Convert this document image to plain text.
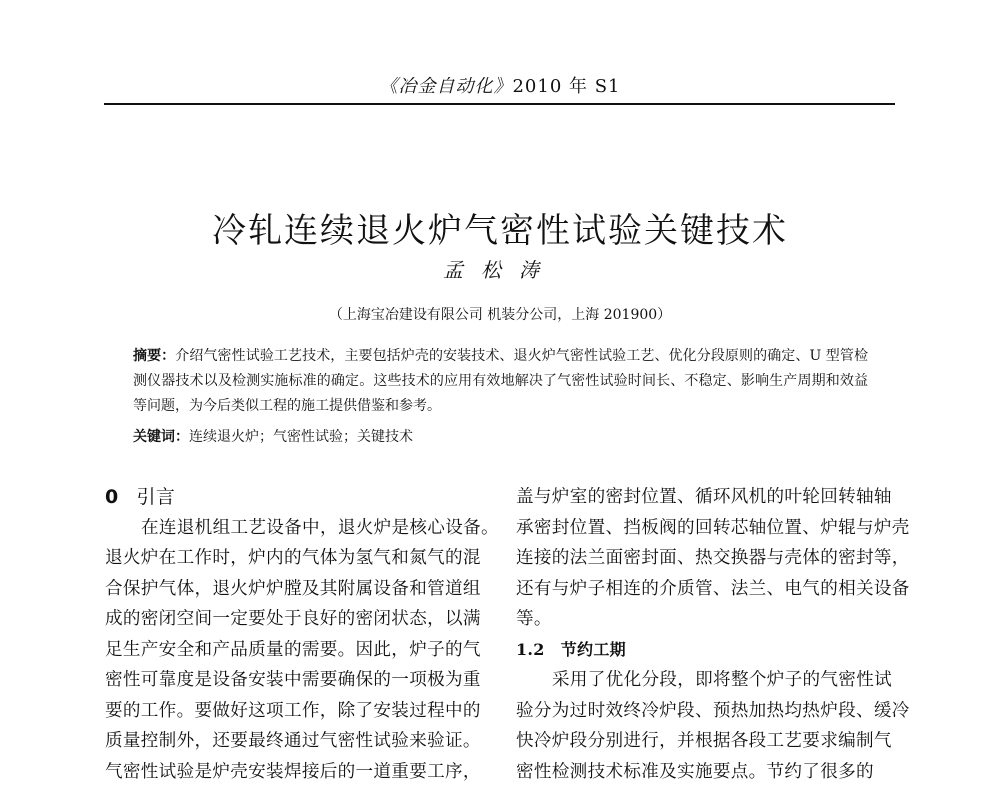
《冶金自动化》2010 年 S1
冷轧连续退火炉气密性试验关键技术
孟松涛
（上海宝冶建设有限公司 机装分公司，上海 201900）
摘要：介绍气密性试验工艺技术，主要包括炉壳的安装技术、退火炉气密性试验工艺、优化分段原则的确定、U 型管检测仪器技术以及检测实施标准的确定。这些技术的应用有效地解决了气密性试验时间长、不稳定、影响生产周期和效益等问题，为今后类似工程的施工提供借鉴和参考。
关键词：连续退火炉；气密性试验；关键技术
0 引言
在连退机组工艺设备中，退火炉是核心设备。
退火炉在工作时，炉内的气体为氢气和氮气的混
合保护气体，退火炉炉膛及其附属设备和管道组
成的密闭空间一定要处于良好的密闭状态，以满
足生产安全和产品质量的需要。因此，炉子的气
密性可靠度是设备安装中需要确保的一项极为重
要的工作。要做好这项工作，除了安装过程中的
质量控制外，还要最终通过气密性试验来验证。
气密性试验是炉壳安装焊接后的一道重要工序，
盖与炉室的密封位置、循环风机的叶轮回转轴轴
承密封位置、挡板阀的回转芯轴位置、炉辊与炉壳
连接的法兰面密封面、热交换器与壳体的密封等，
还有与炉子相连的介质管、法兰、电气的相关设备
等。
1.2 节约工期
采用了优化分段，即将整个炉子的气密性试
验分为过时效终冷炉段、预热加热均热炉段、缓冷
快冷炉段分别进行，并根据各段工艺要求编制气
密性检测技术标准及实施要点。节约了很多的
